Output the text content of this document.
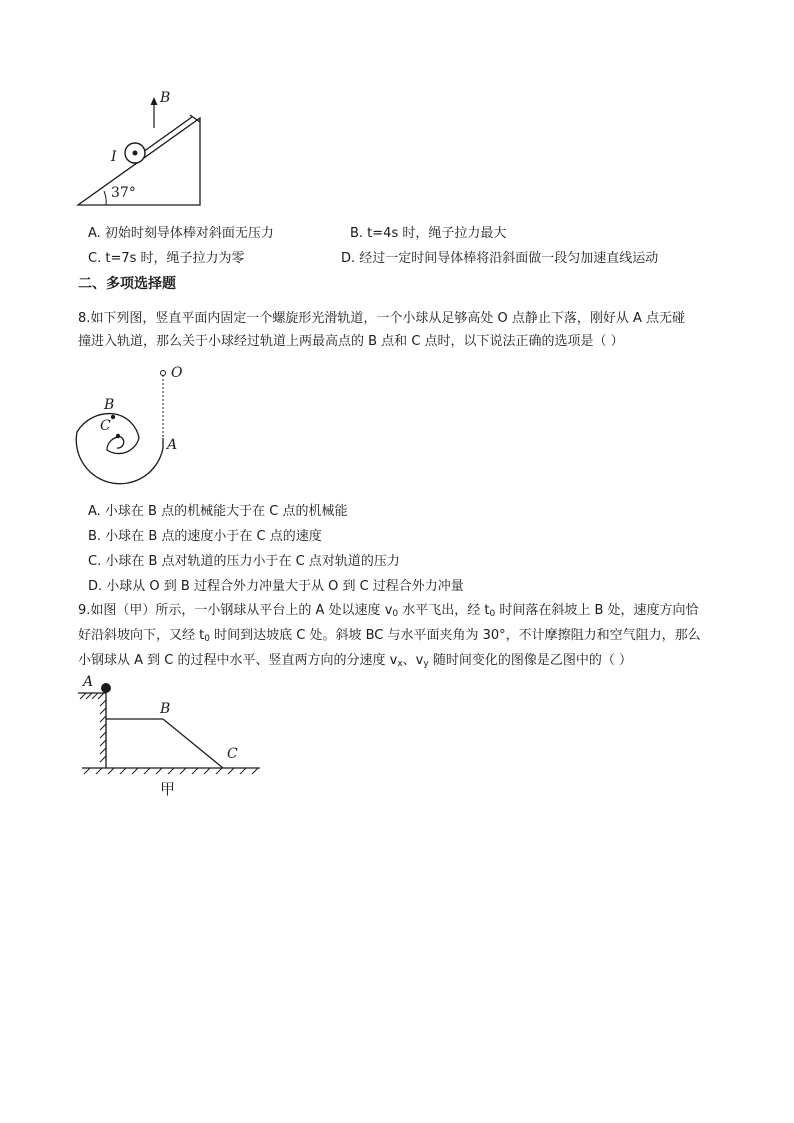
B
I
37°
A. 初始时刻导体棒对斜面无压力	B. t=4s 时，绳子拉力最大
C. t=7s 时，绳子拉力为零	D. 经过一定时间导体棒将沿斜面做一段匀加速直线运动
二、多项选择题
8.如下列图，竖直平面内固定一个螺旋形光滑轨道，一个小球从足够高处 O 点静止下落，刚好从 A 点无碰
撞进入轨道，那么关于小球经过轨道上两最高点的 B 点和 C 点时，以下说法正确的选项是（ ）
O
B
C
A
A. 小球在 B 点的机械能大于在 C 点的机械能
B. 小球在 B 点的速度小于在 C 点的速度
C. 小球在 B 点对轨道的压力小于在 C 点对轨道的压力
D. 小球从 O 到 B 过程合外力冲量大于从 O 到 C 过程合外力冲量
9.如图（甲）所示，一小钢球从平台上的 A 处以速度 $v_0$ 水平飞出，经 $t_0$ 时间落在斜坡上 B 处，速度方向恰
好沿斜坡向下，又经 $t_0$ 时间到达坡底 C 处。斜坡 BC 与水平面夹角为 30°，不计摩擦阻力和空气阻力，那么
小钢球从 A 到 C 的过程中水平、竖直两方向的分速度 $v_x$、$v_y$ 随时间变化的图像是乙图中的（ ）
A
B
C
甲
